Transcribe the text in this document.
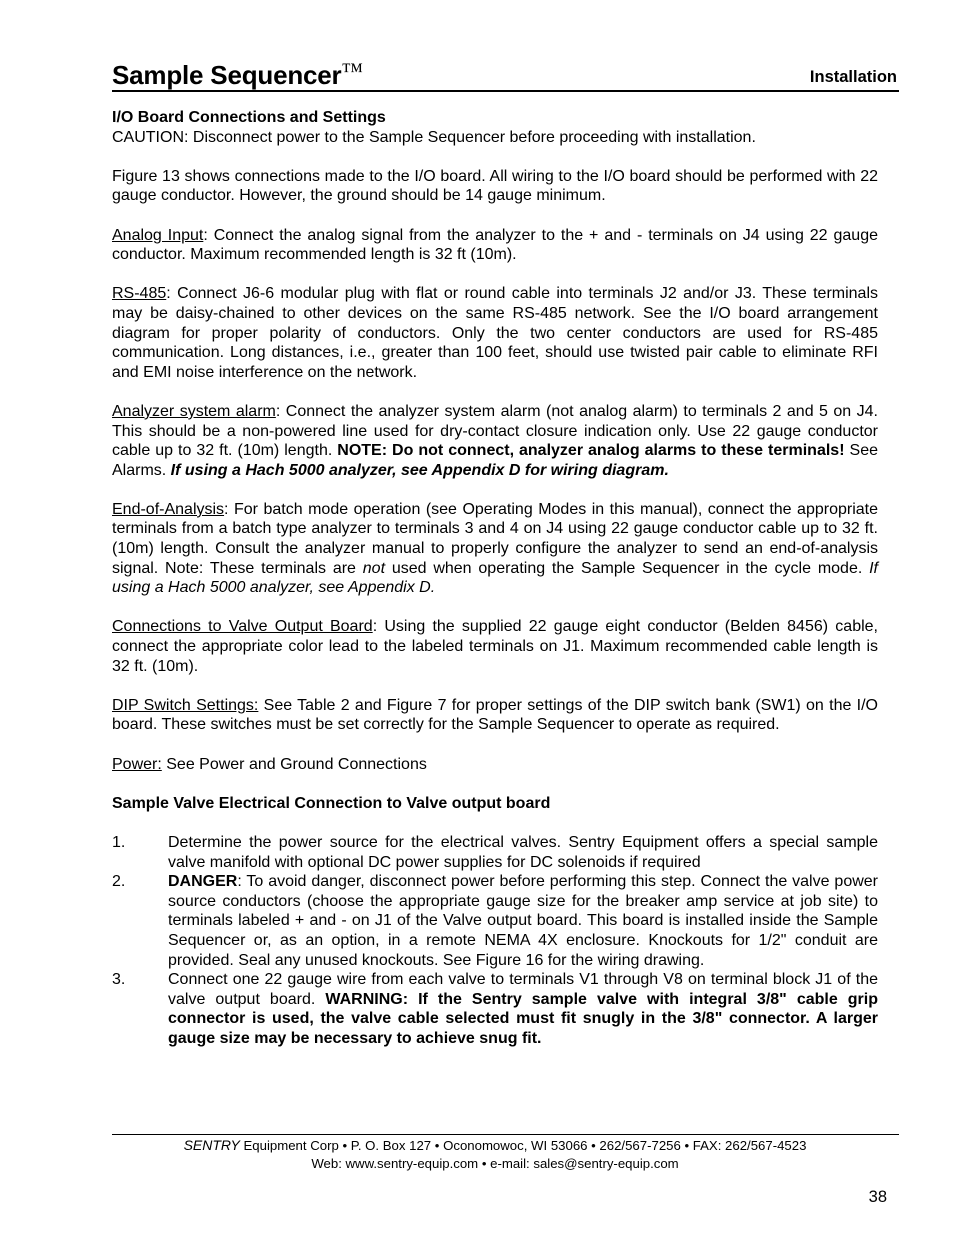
Sample Sequencer™	Installation

I/O Board Connections and Settings

CAUTION: Disconnect power to the Sample Sequencer before proceeding with installation.

Figure 13 shows connections made to the I/O board. All wiring to the I/O board should be performed with 22 gauge conductor. However, the ground should be 14 gauge minimum.

Analog Input: Connect the analog signal from the analyzer to the + and - terminals on J4 using 22 gauge conductor. Maximum recommended length is 32 ft (10m).

RS-485: Connect J6-6 modular plug with flat or round cable into terminals J2 and/or J3. These terminals may be daisy-chained to other devices on the same RS-485 network. See the I/O board arrangement diagram for proper polarity of conductors. Only the two center conductors are used for RS-485 communication. Long distances, i.e., greater than 100 feet, should use twisted pair cable to eliminate RFI and EMI noise interference on the network.

Analyzer system alarm: Connect the analyzer system alarm (not analog alarm) to terminals 2 and 5 on J4. This should be a non-powered line used for dry-contact closure indication only. Use 22 gauge conductor cable up to 32 ft. (10m) length. NOTE: Do not connect, analyzer analog alarms to these terminals! See Alarms. If using a Hach 5000 analyzer, see Appendix D for wiring diagram.

End-of-Analysis: For batch mode operation (see Operating Modes in this manual), connect the appropriate terminals from a batch type analyzer to terminals 3 and 4 on J4 using 22 gauge conductor cable up to 32 ft. (10m) length. Consult the analyzer manual to properly configure the analyzer to send an end-of-analysis signal. Note: These terminals are not used when operating the Sample Sequencer in the cycle mode. If using a Hach 5000 analyzer, see Appendix D.

Connections to Valve Output Board: Using the supplied 22 gauge eight conductor (Belden 8456) cable, connect the appropriate color lead to the labeled terminals on J1. Maximum recommended cable length is 32 ft. (10m).

DIP Switch Settings: See Table 2 and Figure 7 for proper settings of the DIP switch bank (SW1) on the I/O board. These switches must be set correctly for the Sample Sequencer to operate as required.

Power: See Power and Ground Connections

Sample Valve Electrical Connection to Valve output board

1.	Determine the power source for the electrical valves. Sentry Equipment offers a special sample valve manifold with optional DC power supplies for DC solenoids if required
2.	DANGER: To avoid danger, disconnect power before performing this step. Connect the valve power source conductors (choose the appropriate gauge size for the breaker amp service at job site) to terminals labeled + and - on J1 of the Valve output board. This board is installed inside the Sample Sequencer or, as an option, in a remote NEMA 4X enclosure. Knockouts for 1/2" conduit are provided. Seal any unused knockouts. See Figure 16 for the wiring drawing.
3.	Connect one 22 gauge wire from each valve to terminals V1 through V8 on terminal block J1 of the valve output board. WARNING: If the Sentry sample valve with integral 3/8" cable grip connector is used, the valve cable selected must fit snugly in the 3/8" connector. A larger gauge size may be necessary to achieve snug fit.
SENTRY Equipment Corp • P. O. Box 127 • Oconomowoc, WI 53066 • 262/567-7256 • FAX: 262/567-4523
Web: www.sentry-equip.com • e-mail: sales@sentry-equip.com
38
